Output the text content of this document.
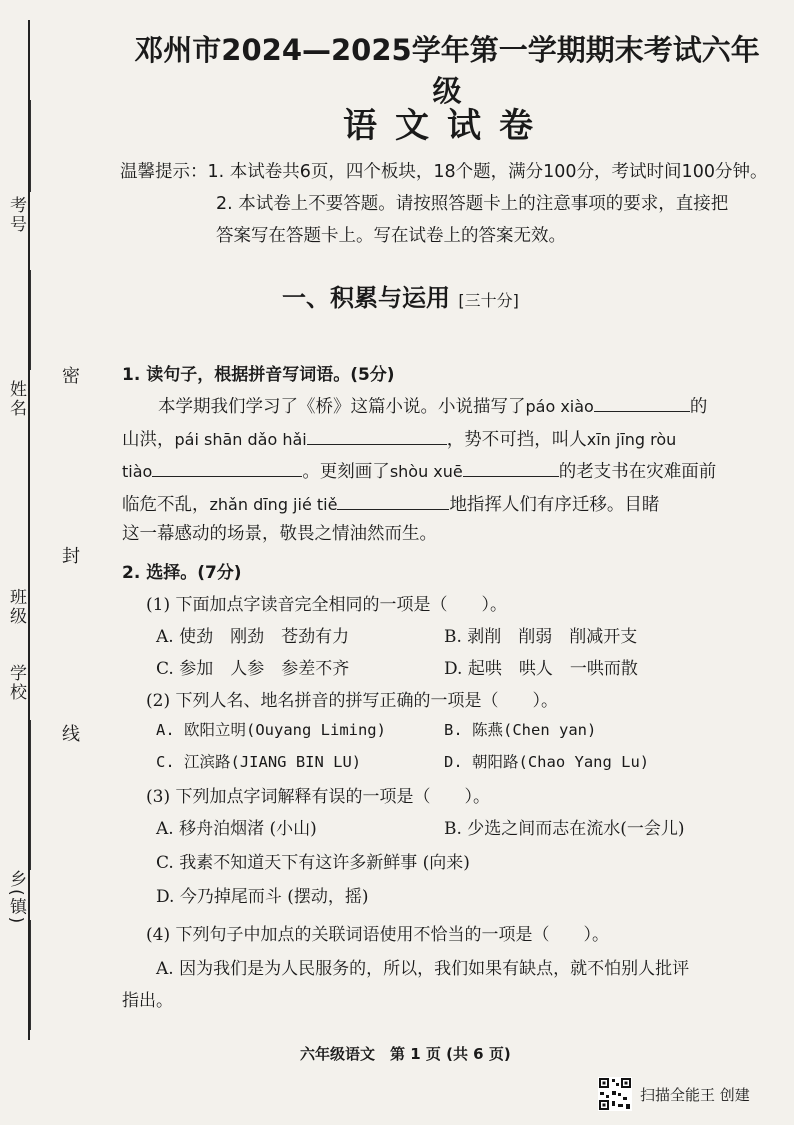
考号
姓名
班级
学校
乡(镇)
密
封
线
邓州市2024—2025学年第一学期期末考试六年级
语文试卷
温馨提示：1. 本试卷共6页，四个板块，18个题，满分100分，考试时间100分钟。
2. 本试卷上不要答题。请按照答题卡上的注意事项的要求，直接把
答案写在答题卡上。写在试卷上的答案无效。
一、积累与运用 [三十分]
1. 读句子，根据拼音写词语。(5分)
本学期我们学习了《桥》这篇小说。小说描写了páo xiào	的
山洪，pái shān dǎo hǎi	，势不可挡，叫人xīn jīng ròu
tiào	。更刻画了shòu xuē	的老支书在灾难面前
临危不乱，zhǎn dīng jié tiě	地指挥人们有序迁移。目睹
这一幕感动的场景，敬畏之情油然而生。
2. 选择。(7分)
(1) 下面加点字读音完全相同的一项是（　　）。
A. 使劲　刚劲　苍劲有力	B. 剥削　削弱　削减开支
C. 参加　人参　参差不齐	D. 起哄　哄人　一哄而散
(2) 下列人名、地名拼音的拼写正确的一项是（　　）。
A. 欧阳立明(Ouyang Liming)	B. 陈燕(Chen yan)
C. 江滨路(JIANG BIN LU)	D. 朝阳路(Chao Yang Lu)
(3) 下列加点字词解释有误的一项是（　　）。
A. 移舟泊烟渚 (小山)	B. 少选之间而志在流水(一会儿)
C. 我素不知道天下有这许多新鲜事 (向来)
D. 今乃掉尾而斗 (摆动，摇)
(4) 下列句子中加点的关联词语使用不恰当的一项是（　　）。
A. 因为我们是为人民服务的，所以，我们如果有缺点，就不怕别人批评
指出。
六年级语文　第 1 页 (共 6 页)
扫描全能王 创建
